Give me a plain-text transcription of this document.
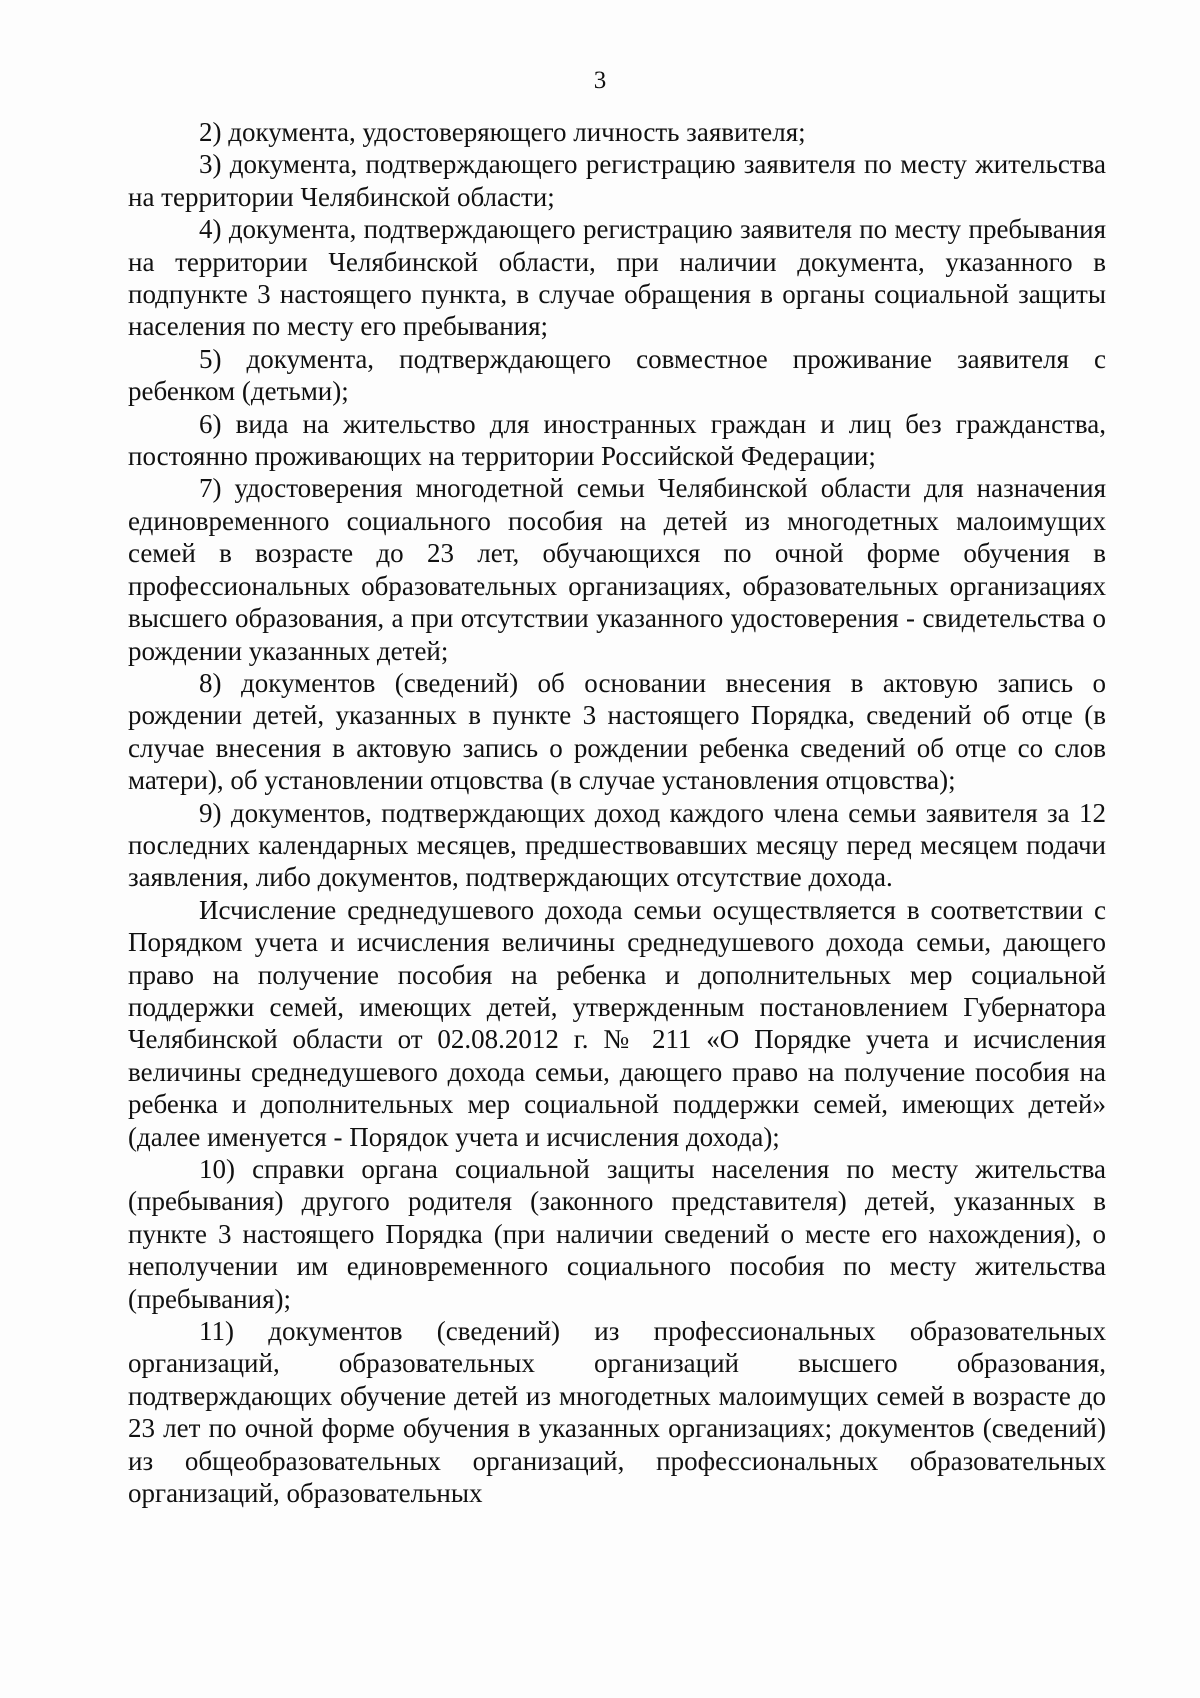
3

2) документа, удостоверяющего личность заявителя;

3) документа, подтверждающего регистрацию заявителя по месту жительства на территории Челябинской области;

4) документа, подтверждающего регистрацию заявителя по месту пребывания на территории Челябинской области, при наличии документа, указанного в подпункте 3 настоящего пункта, в случае обращения в органы социальной защиты населения по месту его пребывания;

5) документа, подтверждающего совместное проживание заявителя с ребенком (детьми);

6) вида на жительство для иностранных граждан и лиц без гражданства, постоянно проживающих на территории Российской Федерации;

7) удостоверения многодетной семьи Челябинской области для назначения единовременного социального пособия на детей из многодетных малоимущих семей в возрасте до 23 лет, обучающихся по очной форме обучения в профессиональных образовательных организациях, образовательных организациях высшего образования, а при отсутствии указанного удостоверения - свидетельства о рождении указанных детей;

8) документов (сведений) об основании внесения в актовую запись о рождении детей, указанных в пункте 3 настоящего Порядка, сведений об отце (в случае внесения в актовую запись о рождении ребенка сведений об отце со слов матери), об установлении отцовства (в случае установления отцовства);

9) документов, подтверждающих доход каждого члена семьи заявителя за 12 последних календарных месяцев, предшествовавших месяцу перед месяцем подачи заявления, либо документов, подтверждающих отсутствие дохода.

Исчисление среднедушевого дохода семьи осуществляется в соответствии с Порядком учета и исчисления величины среднедушевого дохода семьи, дающего право на получение пособия на ребенка и дополнительных мер социальной поддержки семей, имеющих детей, утвержденным постановлением Губернатора Челябинской области от 02.08.2012 г. № 211 «О Порядке учета и исчисления величины среднедушевого дохода семьи, дающего право на получение пособия на ребенка и дополнительных мер социальной поддержки семей, имеющих детей» (далее именуется - Порядок учета и исчисления дохода);

10) справки органа социальной защиты населения по месту жительства (пребывания) другого родителя (законного представителя) детей, указанных в пункте 3 настоящего Порядка (при наличии сведений о месте его нахождения), о неполучении им единовременного социального пособия по месту жительства (пребывания);

11) документов (сведений) из профессиональных образовательных организаций, образовательных организаций высшего образования, подтверждающих обучение детей из многодетных малоимущих семей в возрасте до 23 лет по очной форме обучения в указанных организациях; документов (сведений) из общеобразовательных организаций, профессиональных образовательных организаций, образовательных
